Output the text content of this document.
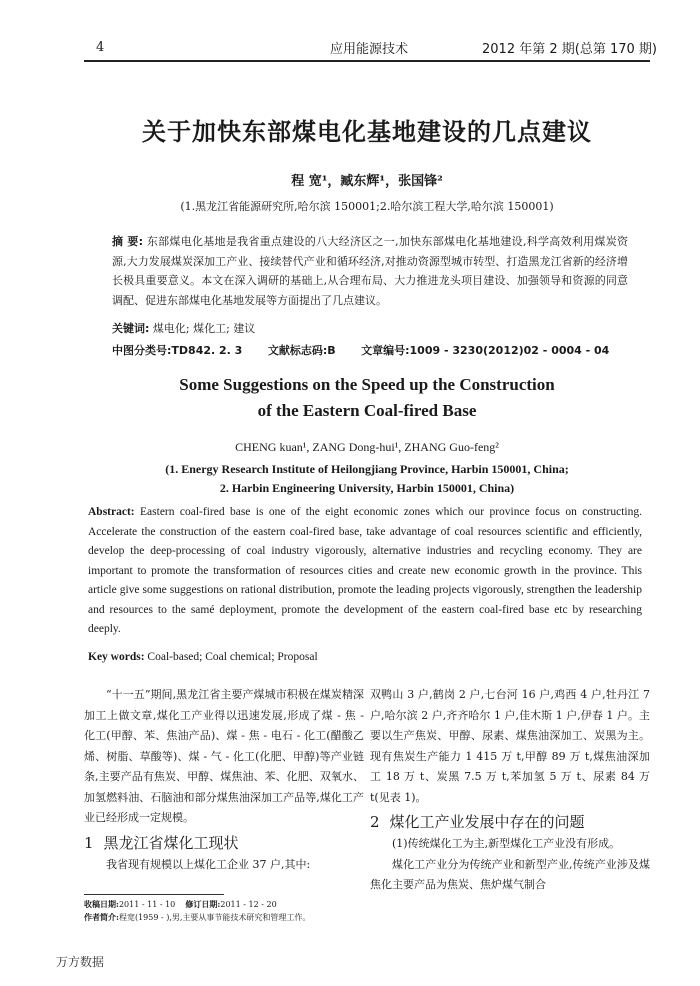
4	应用能源技术	2012 年第 2 期(总第 170 期)
关于加快东部煤电化基地建设的几点建议
程 宽¹，臧东辉¹，张国锋²
(1.黑龙江省能源研究所,哈尔滨 150001;2.哈尔滨工程大学,哈尔滨 150001)
摘 要: 东部煤电化基地是我省重点建设的八大经济区之一,加快东部煤电化基地建设,科学高效利用煤炭资源,大力发展煤炭深加工产业、接续替代产业和循环经济,对推动资源型城市转型、打造黑龙江省新的经济增长极具重要意义。本文在深入调研的基础上,从合理布局、大力推进龙头项目建设、加强领导和资源的同意调配、促进东部煤电化基地发展等方面提出了几点建议。
关键词: 煤电化; 煤化工; 建议
中图分类号:TD842. 2. 3 文献标志码:B 文章编号:1009 - 3230(2012)02 - 0004 - 04
Some Suggestions on the Speed up the Construction
of the Eastern Coal-fired Base
CHENG kuan¹, ZANG Dong-hui¹, ZHANG Guo-feng²
(1. Energy Research Institute of Heilongjiang Province, Harbin 150001, China;
2. Harbin Engineering University, Harbin 150001, China)
Abstract: Eastern coal-fired base is one of the eight economic zones which our province focus on constructing. Accelerate the construction of the eastern coal-fired base, take advantage of coal resources scientific and efficiently, develop the deep-processing of coal industry vigorously, alternative industries and recycling economy. They are important to promote the transformation of resources cities and create new economic growth in the province. This article give some suggestions on rational distribution, promote the leading projects vigorously, strengthen the leadership and resources to the samé deployment, promote the development of the eastern coal-fired base etc by researching deeply.
Key words: Coal-based; Coal chemical; Proposal

“十一五”期间,黑龙江省主要产煤城市积极在煤炭精深加工上做文章,煤化工产业得以迅速发展,形成了煤 - 焦 - 化工(甲醇、苯、焦油产品)、煤 - 焦 - 电石 - 化工(醋酸乙烯、树脂、草酸等)、煤 - 气 - 化工(化肥、甲醇)等产业链条,主要产品有焦炭、甲醇、煤焦油、苯、化肥、双氧水、加氢燃料油、石脑油和部分煤焦油深加工产品等,煤化工产业已经形成一定规模。

1 黑龙江省煤化工现状

我省现有规模以上煤化工企业 37 户,其中:

双鸭山 3 户,鹤岗 2 户,七台河 16 户,鸡西 4 户,牡丹江 7 户,哈尔滨 2 户,齐齐哈尔 1 户,佳木斯 1 户,伊春 1 户。主要以生产焦炭、甲醇、尿素、煤焦油深加工、炭黑为主。现有焦炭生产能力 1 415 万 t,甲醇 89 万 t,煤焦油深加工 18 万 t、炭黑 7.5 万 t,苯加氢 5 万 t、尿素 84 万 t(见表 1)。

2 煤化工产业发展中存在的问题

(1)传统煤化工为主,新型煤化工产业没有形成。

煤化工产业分为传统产业和新型产业,传统产业涉及煤焦化主要产品为焦炭、焦炉煤气制合

收稿日期:2011 - 11 - 10 修订日期:2011 - 12 - 20
作者简介:程宽(1959 - ),男,主要从事节能技术研究和管理工作。
万方数据
